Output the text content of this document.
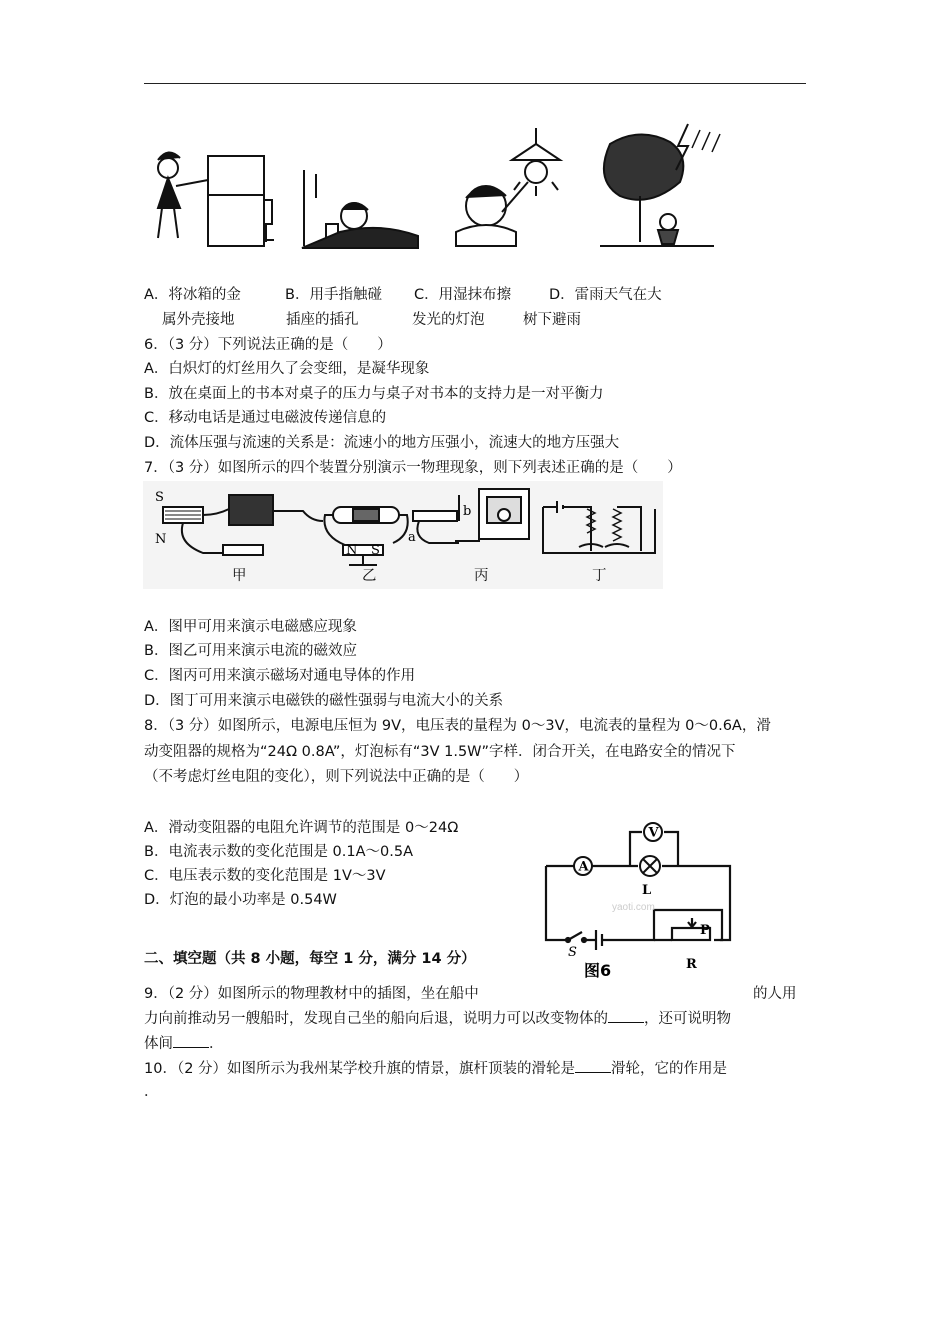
A．将冰箱的金
属外壳接地
B．用手指触碰
插座的插孔
C．用湿抹布擦
发光的灯泡
D．雷雨天气在大
树下避雨
6．（3 分）下列说法正确的是（　　）
A．白炽灯的灯丝用久了会变细，是凝华现象
B．放在桌面上的书本对桌子的压力与桌子对书本的支持力是一对平衡力
C．移动电话是通过电磁波传递信息的
D．流体压强与流速的关系是：流速小的地方压强小，流速大的地方压强大
7．（3 分）如图所示的四个装置分别演示一物理现象，则下列表述正确的是（　　）
S
N
N S
b
a
甲	乙	丙	丁
A．图甲可用来演示电磁感应现象
B．图乙可用来演示电流的磁效应
C．图丙可用来演示磁场对通电导体的作用
D．图丁可用来演示电磁铁的磁性强弱与电流大小的关系
8．（3 分）如图所示，电源电压恒为 9V，电压表的量程为 0～3V，电流表的量程为 0～0.6A，滑
动变阻器的规格为“24Ω 0.8A”，灯泡标有“3V 1.5W”字样．闭合开关，在电路安全的情况下
（不考虑灯丝电阻的变化），则下列说法中正确的是（　　）
A．滑动变阻器的电阻允许调节的范围是 0～24Ω
B．电流表示数的变化范围是 0.1A～0.5A
C．电压表示数的变化范围是 1V～3V
D．灯泡的最小功率是 0.54W
A
V
L
P
R
S
yaoti.com
图6
二、填空题（共 8 小题，每空 1 分，满分 14 分）
9．（2 分）如图所示的物理教材中的插图，坐在船中	的人用
力向前推动另一艘船时，发现自己坐的船向后退，说明力可以改变物体的 ，还可说明物
体间 ．
10．（2 分）如图所示为我州某学校升旗的情景，旗杆顶装的滑轮是 滑轮，它的作用是
．
